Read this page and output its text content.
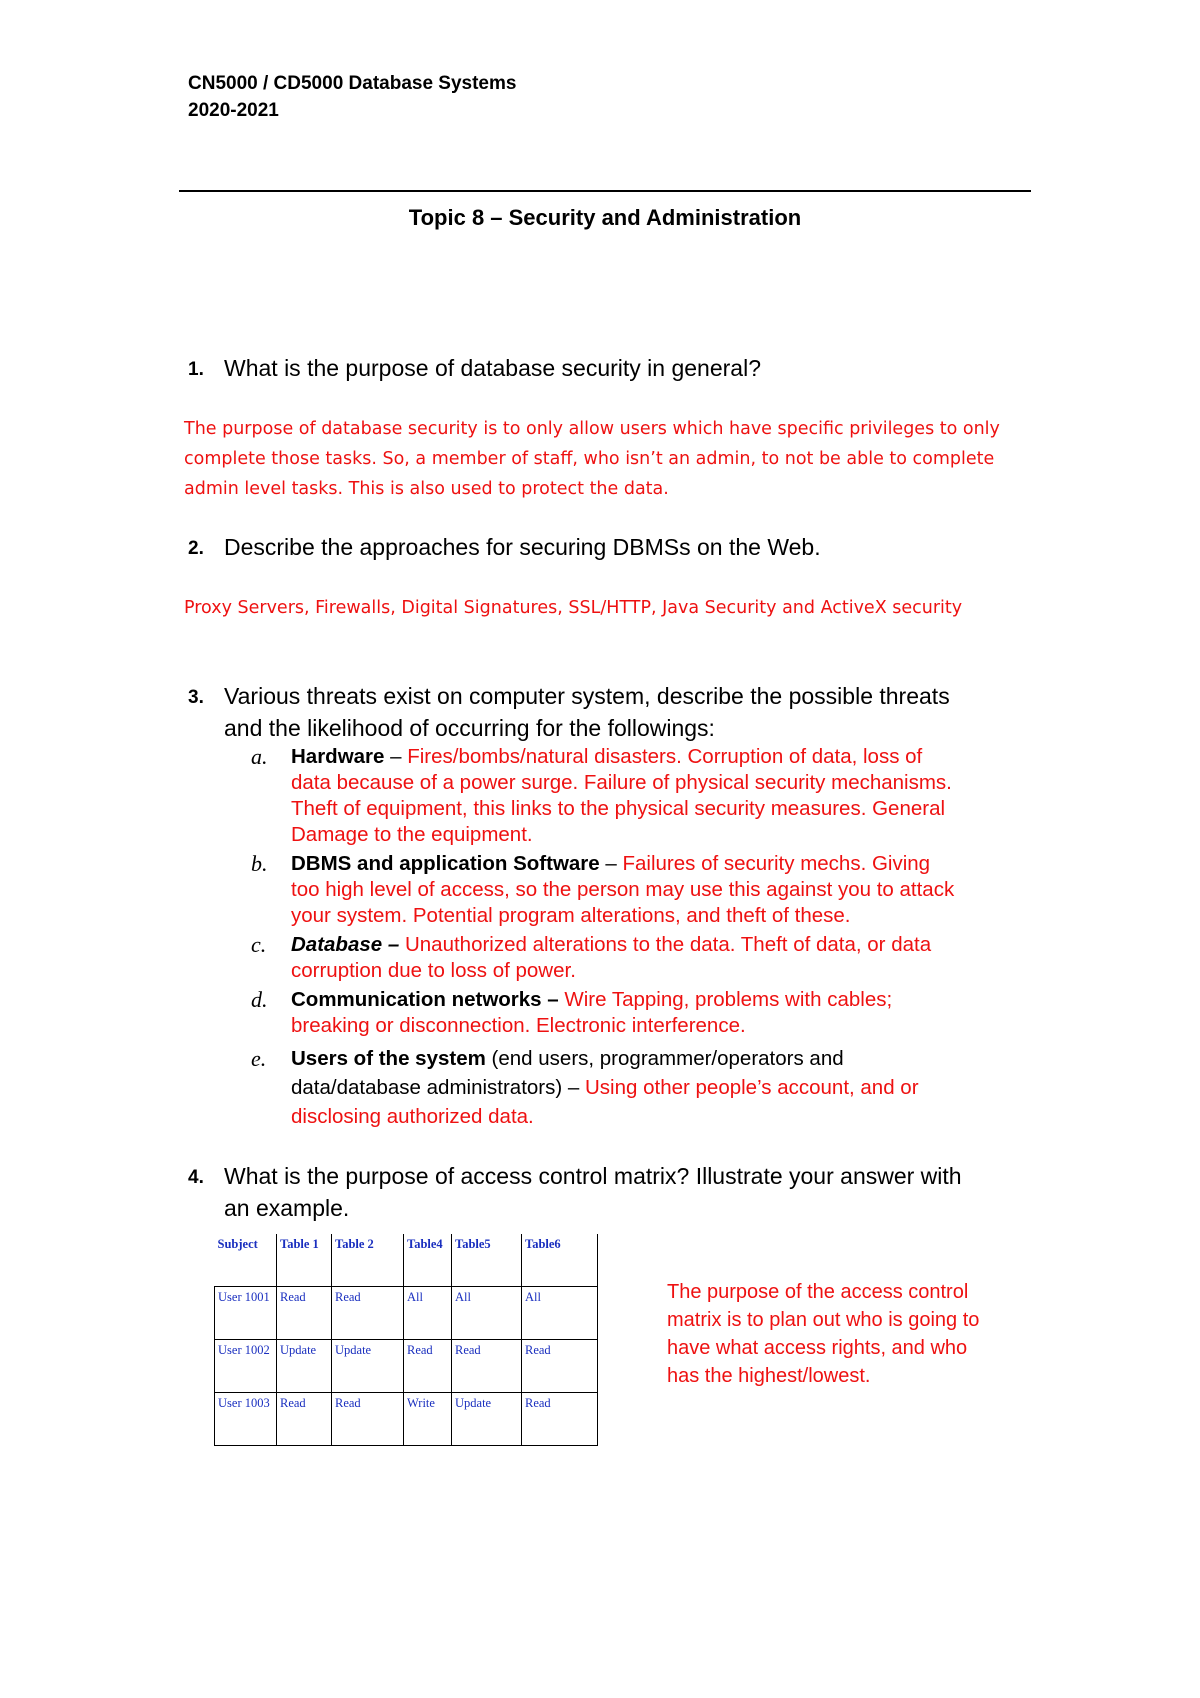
CN5000 / CD5000 Database Systems
2020-2021
Topic 8 – Security and Administration
1. What is the purpose of database security in general?
The purpose of database security is to only allow users which have specific privileges to only
complete those tasks. So, a member of staff, who isn’t an admin, to not be able to complete
admin level tasks. This is also used to protect the data.
2. Describe the approaches for securing DBMSs on the Web.
Proxy Servers, Firewalls, Digital Signatures, SSL/HTTP, Java Security and ActiveX security
3. Various threats exist on computer system, describe the possible threats
and the likelihood of occurring for the followings:
a. Hardware – Fires/bombs/natural disasters. Corruption of data, loss of
data because of a power surge. Failure of physical security mechanisms.
Theft of equipment, this links to the physical security measures. General
Damage to the equipment.
b. DBMS and application Software – Failures of security mechs. Giving
too high level of access, so the person may use this against you to attack
your system. Potential program alterations, and theft of these.
c. Database – Unauthorized alterations to the data. Theft of data, or data
corruption due to loss of power.
d. Communication networks – Wire Tapping, problems with cables;
breaking or disconnection. Electronic interference.
e. Users of the system (end users, programmer/operators and
data/database administrators) – Using other people’s account, and or
disclosing authorized data.
4. What is the purpose of access control matrix? Illustrate your answer with
an example.
Subject	Table 1	Table 2	Table4	Table5	Table6
User 1001	Read	Read	All	All	All
User 1002	Update	Update	Read	Read	Read
User 1003	Read	Read	Write	Update	Read
The purpose of the access control
matrix is to plan out who is going to
have what access rights, and who
has the highest/lowest.
